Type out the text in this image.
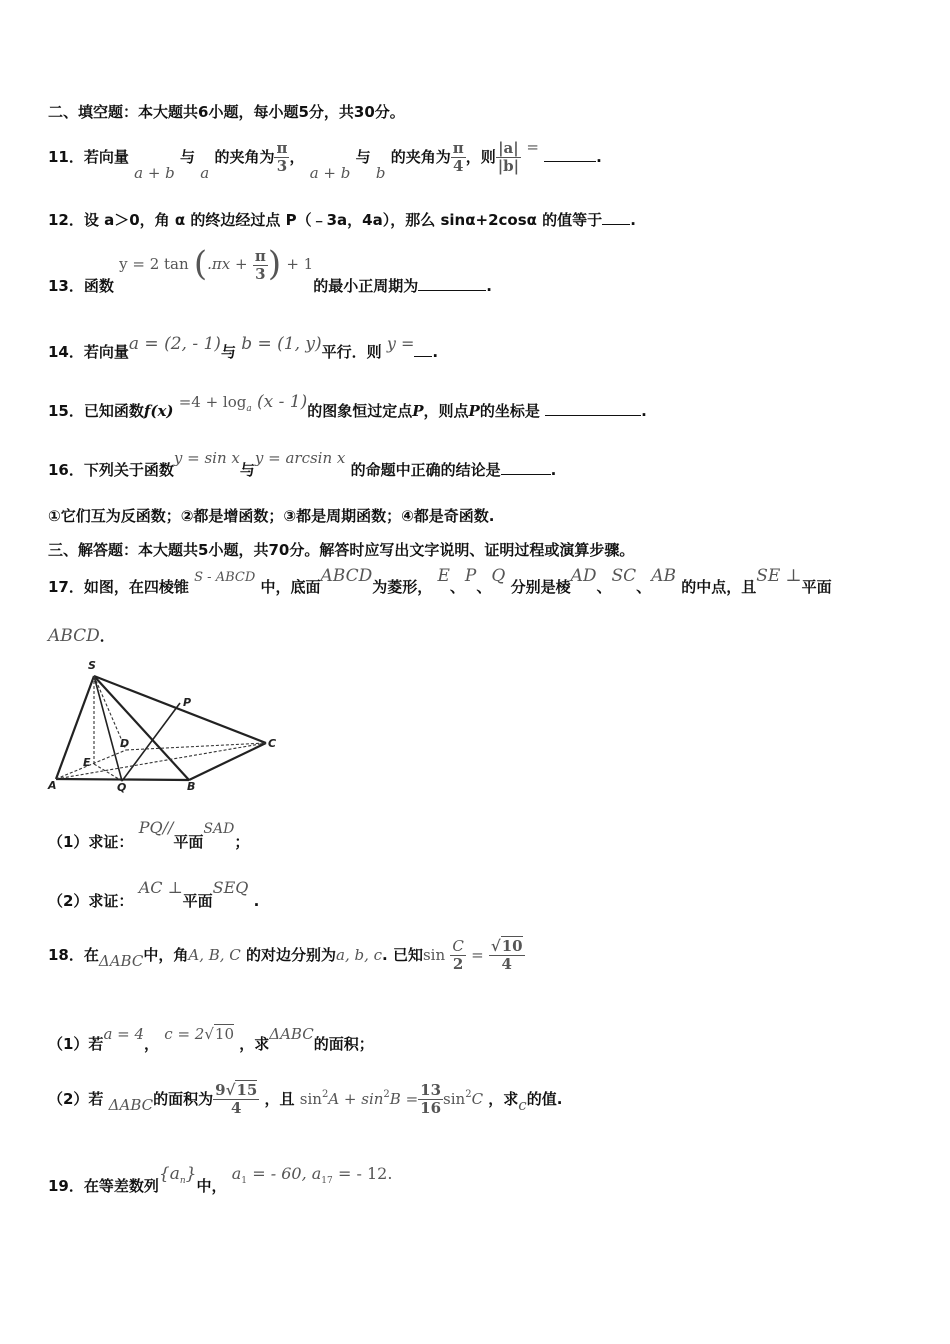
二、填空题：本大题共6小题，每小题5分，共30分。
11．若向量 a + b 与 a 的夹角为 $\frac{\pi}{3}$ ， a + b 与 b 的夹角为 $\frac{\pi}{4}$ ，则 $\frac{|a|}{|b|}$ = .
12．设 a＞0，角 α 的终边经过点 P（﹣3a，4a），那么 sinα+2cosα 的值等于 .
13．函数 y = 2 $\tan (.\pi x + \frac{\pi}{3}$ ) + 1的最小正周期为	.
14．若向量a = (2, - 1)与 b = (1, y)平行．则 y = .
15．已知函数$f(x) =4 + \log_a (x - 1)$的图象恒过定点P，则点P的坐标是	.
16．下列关于函数y = sin x与y = arcsin x 的命题中正确的结论是	.
①它们互为反函数；②都是增函数；③都是周期函数；④都是奇函数.
三、解答题：本大题共5小题，共70分。解答时应写出文字说明、证明过程或演算步骤。
17．如图，在四棱锥 S - ABCD 中，底面ABCD为菱形， E、P、Q 分别是棱AD、SC、AB 的中点，且SE ⊥平面
ABCD．
S
P
D	C
E
A	Q	B
（1）求证： PQ//平面SAD；
（2）求证： AC ⊥平面SEQ .
18．在ΔABC中，角A, B, C 的对边分别为a, b, c. 已知$\sin \frac{C}{2} = \frac{√10}{4}$
（1）若a = 4， c = 2√10 ，求ΔABC的面积；
（2）若 ΔABC的面积为 $\frac{9√15}{4}$ ，且 $\sin^2A + \sin^2B = \frac{13}{16} \sin^2C$ ，求c的值.
19．在等差数列$\{a_n\}$中， $a_1$ = - 60, $a_{17}$ = - 12.
